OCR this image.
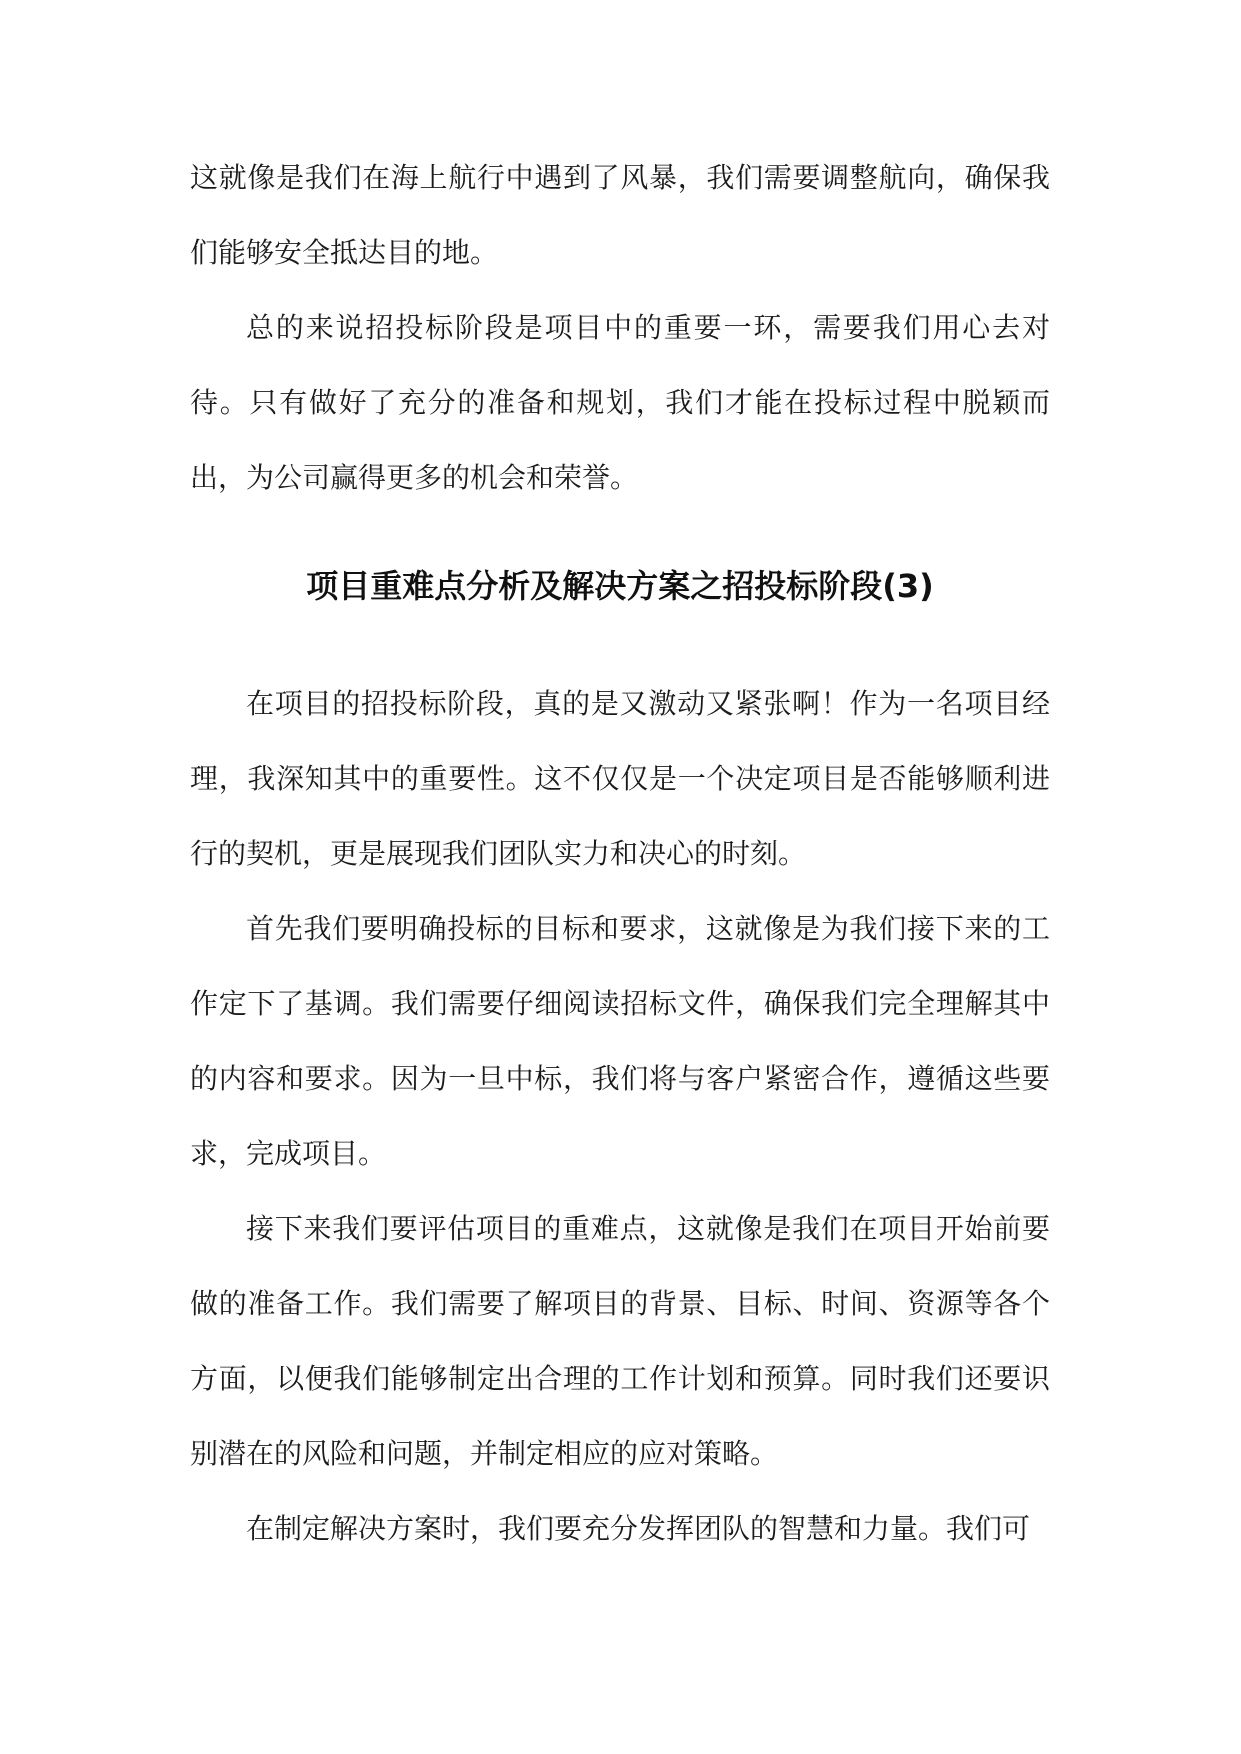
这就像是我们在海上航行中遇到了风暴，我们需要调整航向，确保我们能够安全抵达目的地。

总的来说招投标阶段是项目中的重要一环，需要我们用心去对待。只有做好了充分的准备和规划，我们才能在投标过程中脱颖而出，为公司赢得更多的机会和荣誉。

项目重难点分析及解决方案之招投标阶段(3)

在项目的招投标阶段，真的是又激动又紧张啊！作为一名项目经理，我深知其中的重要性。这不仅仅是一个决定项目是否能够顺利进行的契机，更是展现我们团队实力和决心的时刻。

首先我们要明确投标的目标和要求，这就像是为我们接下来的工作定下了基调。我们需要仔细阅读招标文件，确保我们完全理解其中的内容和要求。因为一旦中标，我们将与客户紧密合作，遵循这些要求，完成项目。

接下来我们要评估项目的重难点，这就像是我们在项目开始前要做的准备工作。我们需要了解项目的背景、目标、时间、资源等各个方面，以便我们能够制定出合理的工作计划和预算。同时我们还要识别潜在的风险和问题，并制定相应的应对策略。

在制定解决方案时，我们要充分发挥团队的智慧和力量。我们可
